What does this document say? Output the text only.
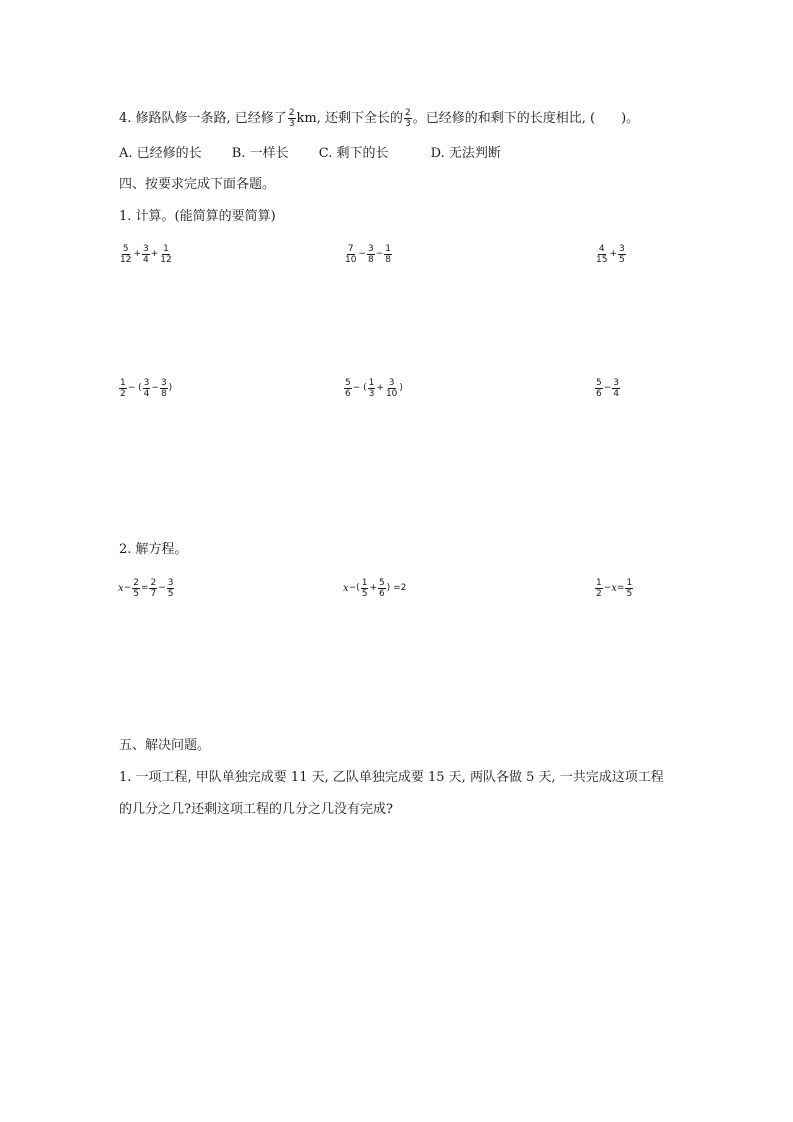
4. 修路队修一条路, 已经修了 $\frac{2}{3}$ km, 还剩下全长的 $\frac{2}{3}$ 。已经修的和剩下的长度相比, (　　)。
A. 已经修的长 B. 一样长 C. 剩下的长	D. 无法判断
四、按要求完成下面各题。
1. 计算。(能简算的要简算)
$\frac{5}{12} + \frac{3}{4} + \frac{1}{12}$	$\frac{7}{10} - \frac{3}{8} - \frac{1}{8}$	$\frac{4}{15} + \frac{3}{5}$
$\frac{1}{2}$ − ( $\frac{3}{4} - \frac{3}{8}$ )	$\frac{5}{6}$ − ( $\frac{1}{3} + \frac{3}{10}$ )	$\frac{5}{6} - \frac{3}{4}$
2. 解方程。
$x - \frac{2}{5} = \frac{2}{7} - \frac{3}{5}$	x −( $\frac{1}{5} + \frac{5}{6}$ ) =2	$\frac{1}{2} - x = \frac{1}{5}$
五、解决问题。
1. 一项工程, 甲队单独完成要 11 天, 乙队单独完成要 15 天, 两队各做 5 天, 一共完成这项工程
的几分之几?还剩这项工程的几分之几没有完成?
